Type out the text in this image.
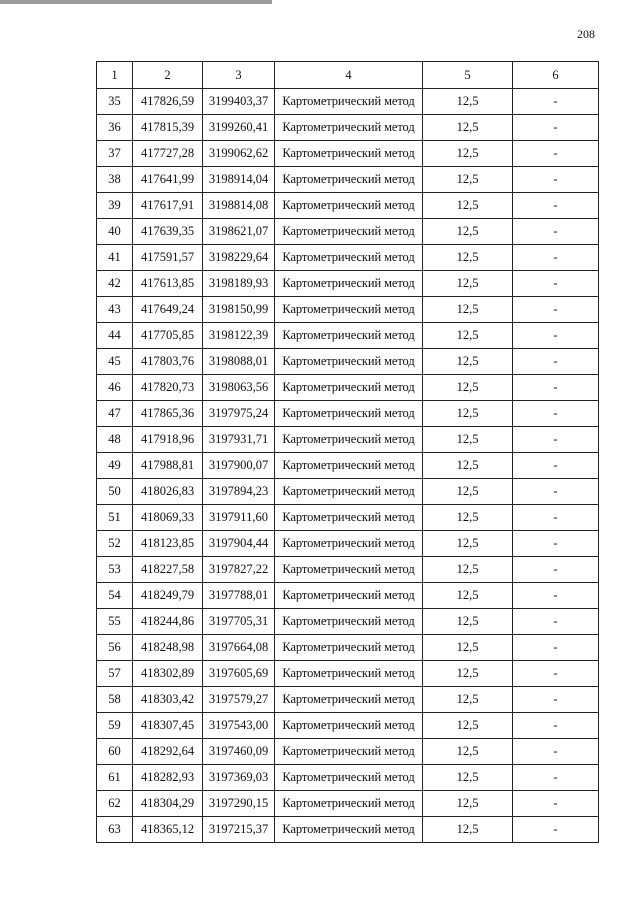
208
1	2	3	4	5	6
35	417826,59	3199403,37	Картометрический метод	12,5	-
36	417815,39	3199260,41	Картометрический метод	12,5	-
37	417727,28	3199062,62	Картометрический метод	12,5	-
38	417641,99	3198914,04	Картометрический метод	12,5	-
39	417617,91	3198814,08	Картометрический метод	12,5	-
40	417639,35	3198621,07	Картометрический метод	12,5	-
41	417591,57	3198229,64	Картометрический метод	12,5	-
42	417613,85	3198189,93	Картометрический метод	12,5	-
43	417649,24	3198150,99	Картометрический метод	12,5	-
44	417705,85	3198122,39	Картометрический метод	12,5	-
45	417803,76	3198088,01	Картометрический метод	12,5	-
46	417820,73	3198063,56	Картометрический метод	12,5	-
47	417865,36	3197975,24	Картометрический метод	12,5	-
48	417918,96	3197931,71	Картометрический метод	12,5	-
49	417988,81	3197900,07	Картометрический метод	12,5	-
50	418026,83	3197894,23	Картометрический метод	12,5	-
51	418069,33	3197911,60	Картометрический метод	12,5	-
52	418123,85	3197904,44	Картометрический метод	12,5	-
53	418227,58	3197827,22	Картометрический метод	12,5	-
54	418249,79	3197788,01	Картометрический метод	12,5	-
55	418244,86	3197705,31	Картометрический метод	12,5	-
56	418248,98	3197664,08	Картометрический метод	12,5	-
57	418302,89	3197605,69	Картометрический метод	12,5	-
58	418303,42	3197579,27	Картометрический метод	12,5	-
59	418307,45	3197543,00	Картометрический метод	12,5	-
60	418292,64	3197460,09	Картометрический метод	12,5	-
61	418282,93	3197369,03	Картометрический метод	12,5	-
62	418304,29	3197290,15	Картометрический метод	12,5	-
63	418365,12	3197215,37	Картометрический метод	12,5	-
